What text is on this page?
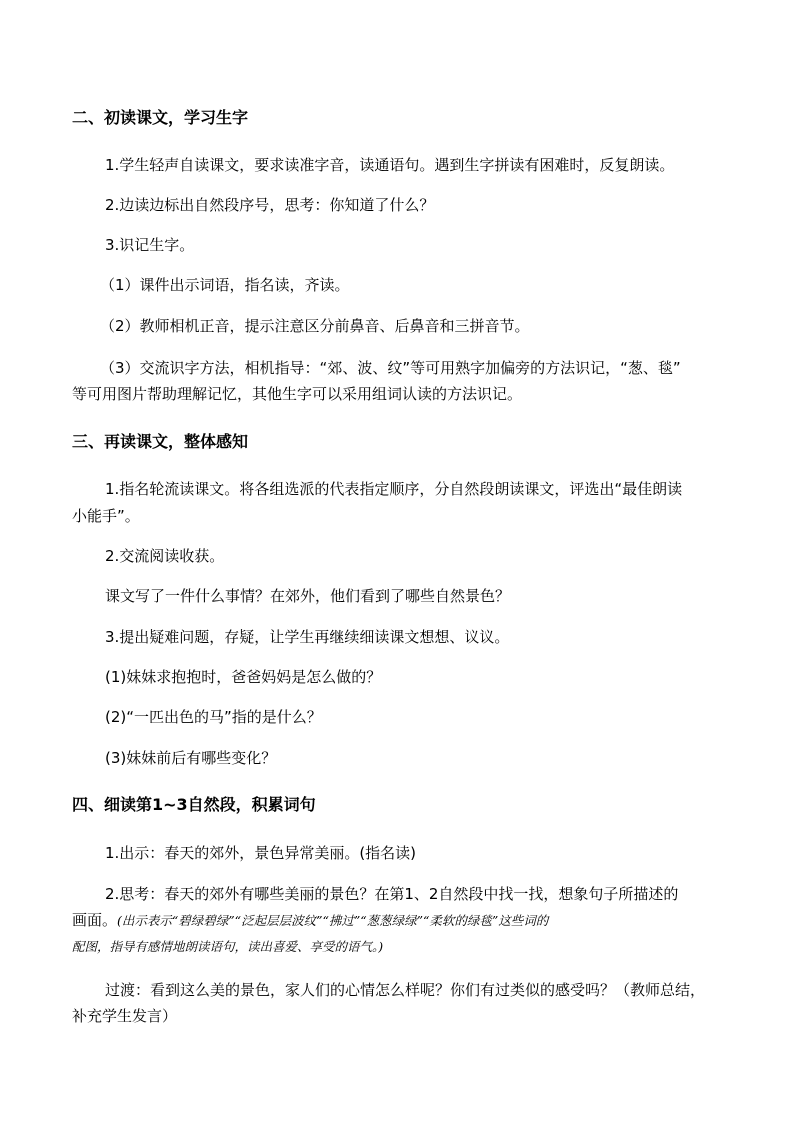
二、初读课文，学习生字
1.学生轻声自读课文，要求读准字音，读通语句。遇到生字拼读有困难时，反复朗读。
2.边读边标出自然段序号，思考：你知道了什么？
3.识记生字。
（1）课件出示词语，指名读，齐读。
（2）教师相机正音，提示注意区分前鼻音、后鼻音和三拼音节。
（3）交流识字方法，相机指导：“郊、波、纹”等可用熟字加偏旁的方法识记，“葱、毯”
等可用图片帮助理解记忆，其他生字可以采用组词认读的方法识记。
三、再读课文，整体感知
1.指名轮流读课文。将各组选派的代表指定顺序，分自然段朗读课文，评选出“最佳朗读
小能手”。
2.交流阅读收获。
课文写了一件什么事情？在郊外，他们看到了哪些自然景色？
3.提出疑难问题，存疑，让学生再继续细读课文想想、议议。
(1)妹妹求抱抱时，爸爸妈妈是怎么做的？
(2)“一匹出色的马”指的是什么？
(3)妹妹前后有哪些变化？
四、细读第1~3自然段，积累词句
1.出示：春天的郊外，景色异常美丽。(指名读)
2.思考：春天的郊外有哪些美丽的景色？在第1、2自然段中找一找，想象句子所描述的
画面。(出示表示“碧绿碧绿”“泛起层层波纹”“拂过”“葱葱绿绿”“柔软的绿毯”这些词的
配图，指导有感情地朗读语句，读出喜爱、享受的语气。)
过渡：看到这么美的景色，家人们的心情怎么样呢？你们有过类似的感受吗？（教师总结，
补充学生发言）
